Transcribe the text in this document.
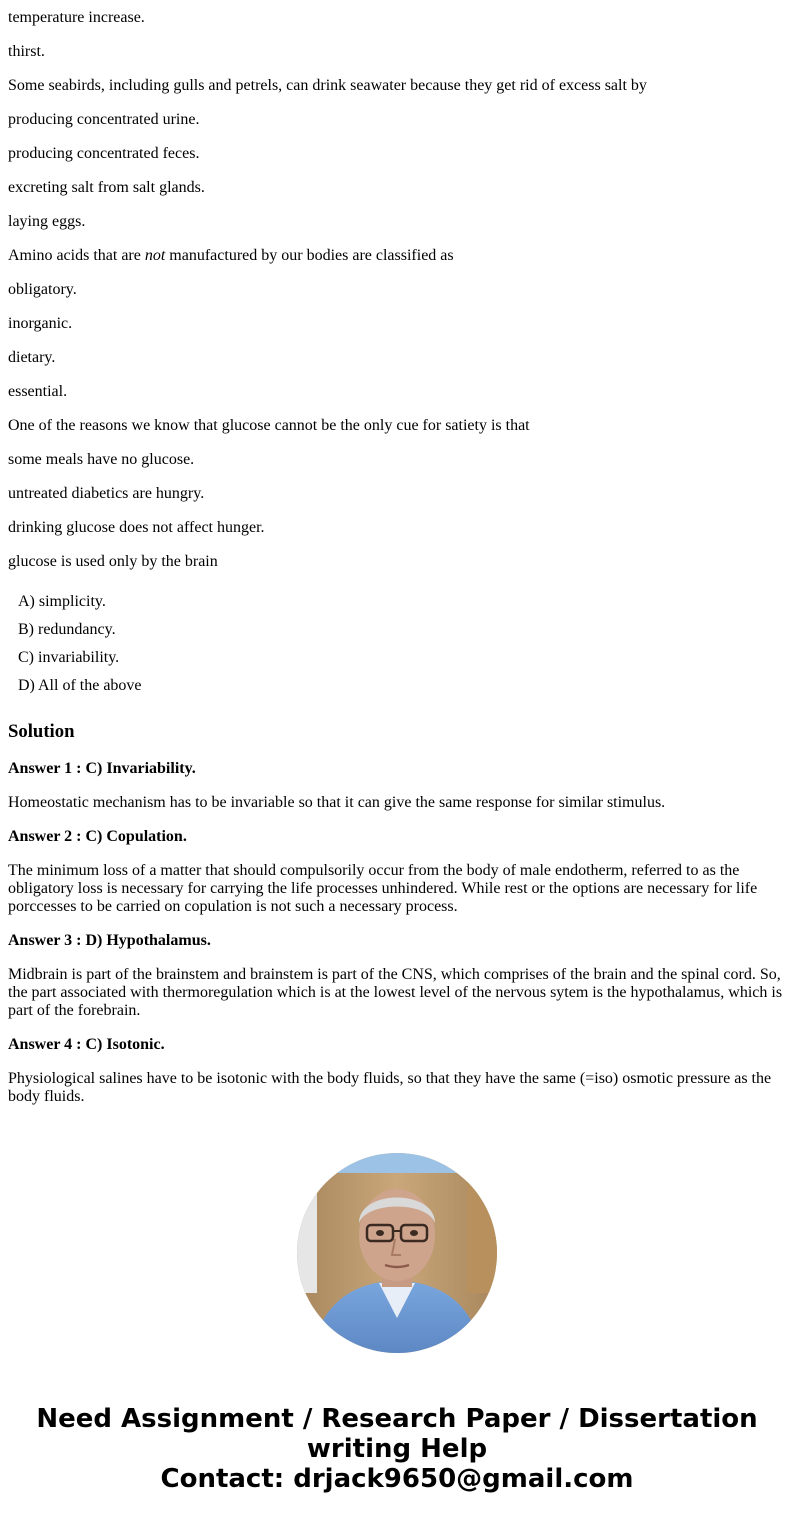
temperature increase.
thirst.
Some seabirds, including gulls and petrels, can drink seawater because they get rid of excess salt by
producing concentrated urine.
producing concentrated feces.
excreting salt from salt glands.
laying eggs.
Amino acids that are not manufactured by our bodies are classified as
obligatory.
inorganic.
dietary.
essential.
One of the reasons we know that glucose cannot be the only cue for satiety is that
some meals have no glucose.
untreated diabetics are hungry.
drinking glucose does not affect hunger.
glucose is used only by the brain
A) simplicity.
B) redundancy.
C) invariability.
D) All of the above
Solution
Answer 1 : C) Invariability.
Homeostatic mechanism has to be invariable so that it can give the same response for similar stimulus.
Answer 2 : C) Copulation.
The minimum loss of a matter that should compulsorily occur from the body of male endotherm, referred to as the obligatory loss is necessary for carrying the life processes unhindered. While rest or the options are necessary for life porccesses to be carried on copulation is not such a necessary process.
Answer 3 : D) Hypothalamus.
Midbrain is part of the brainstem and brainstem is part of the CNS, which comprises of the brain and the spinal cord. So, the part associated with thermoregulation which is at the lowest level of the nervous sytem is the hypothalamus, which is part of the forebrain.
Answer 4 : C) Isotonic.
Physiological salines have to be isotonic with the body fluids, so that they have the same (=iso) osmotic pressure as the body fluids.
Need Assignment / Research Paper / Dissertation
writing Help
Contact: drjack9650@gmail.com
